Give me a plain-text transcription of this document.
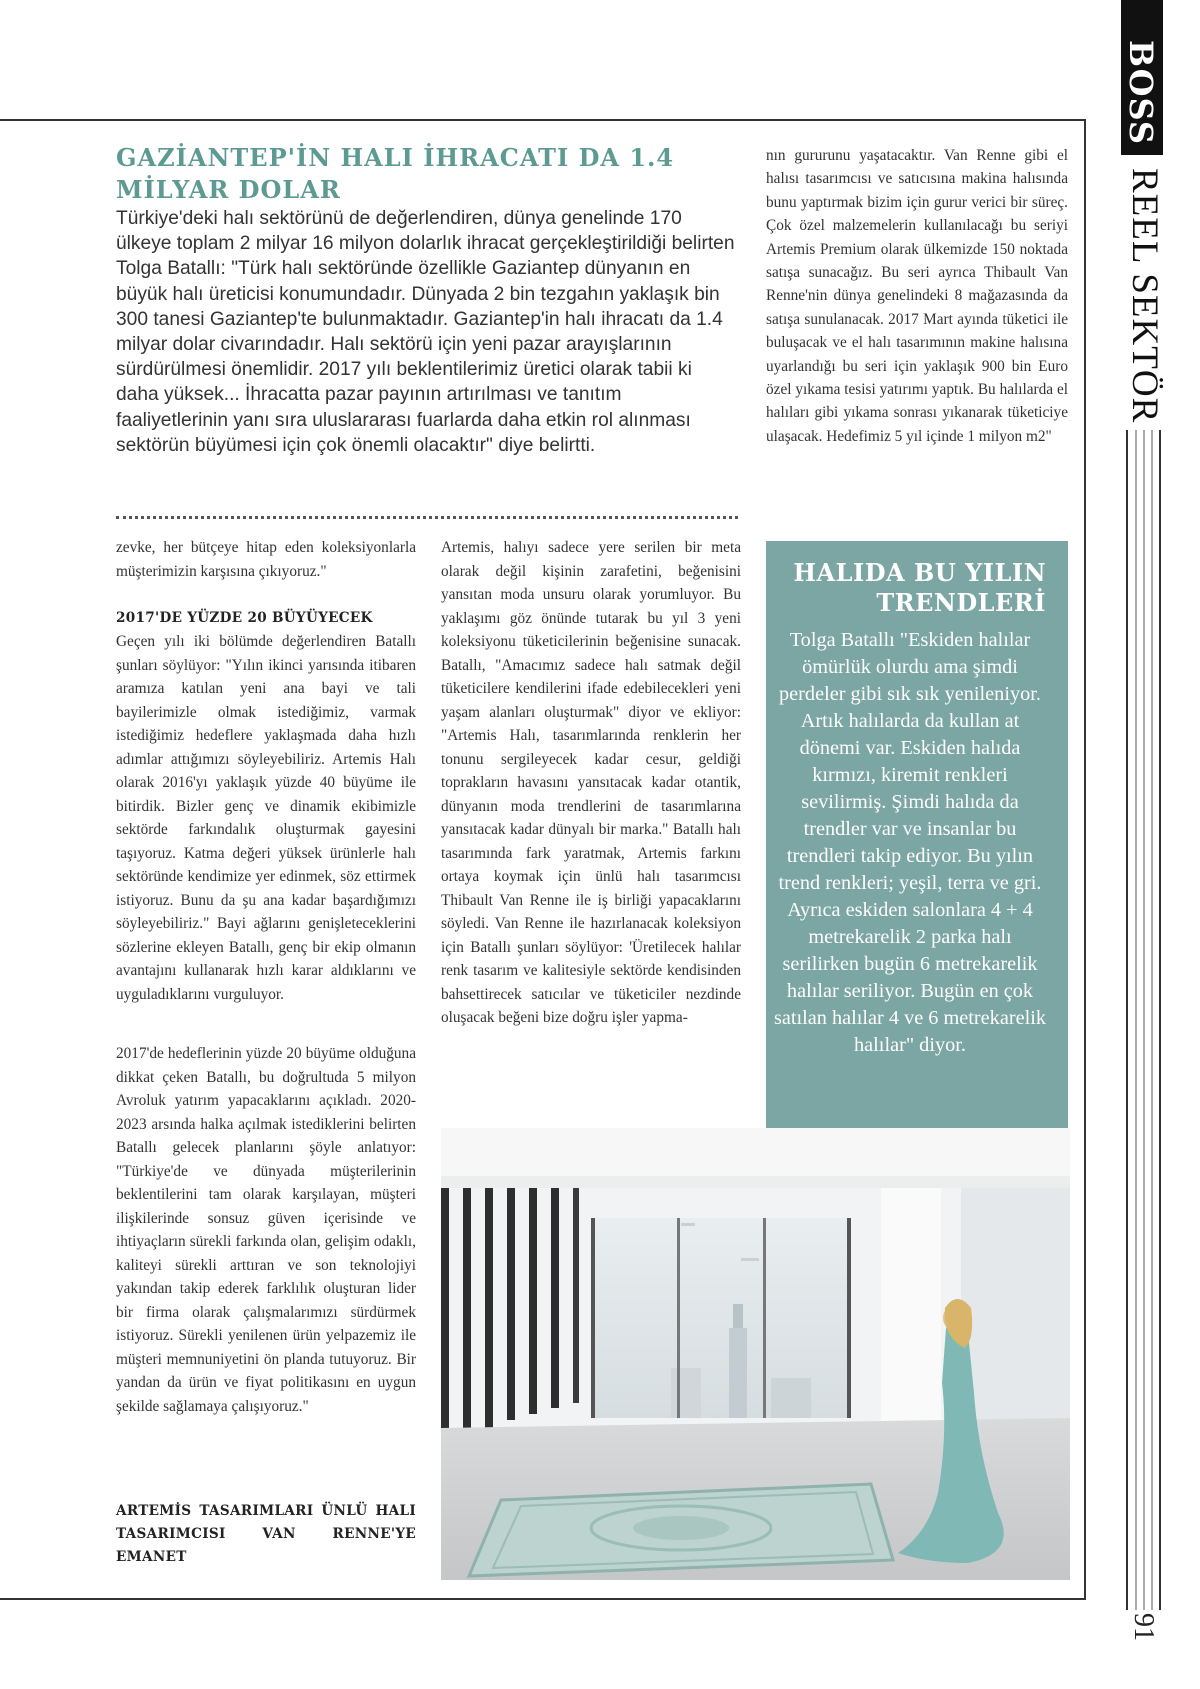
BOSS
REEL SEKTÖR
91
GAZİANTEP'İN HALI İHRACATI DA 1.4 MİLYAR DOLAR

Türkiye'deki halı sektörünü de değerlendiren, dünya genelinde 170 ülkeye toplam 2 milyar 16 milyon dolarlık ihracat gerçekleştirildiği belirten Tolga Batallı: "Türk halı sektöründe özellikle Gaziantep dünyanın en büyük halı üreticisi konumundadır. Dünyada 2 bin tezgahın yaklaşık bin 300 tanesi Gaziantep'te bulunmaktadır. Gaziantep'in halı ihracatı da 1.4 milyar dolar civarındadır. Halı sektörü için yeni pazar arayışlarının sürdürülmesi önemlidir. 2017 yılı beklentilerimiz üretici olarak tabii ki daha yüksek... İhracatta pazar payının artırılması ve tanıtım faaliyetlerinin yanı sıra uluslararası fuarlarda daha etkin rol alınması sektörün büyümesi için çok önemli olacaktır" diye belirtti.

nın gururunu yaşatacaktır. Van Renne gibi el halısı tasarımcısı ve satıcısına makina halısında bunu yaptırmak bizim için gurur verici bir süreç. Çok özel malzemelerin kullanılacağı bu seriyi Artemis Premium olarak ülkemizde 150 noktada satışa sunacağız. Bu seri ayrıca Thibault Van Renne'nin dünya genelindeki 8 mağazasında da satışa sunulanacak. 2017 Mart ayında tüketici ile buluşacak ve el halı tasarımının makine halısına uyarlandığı bu seri için yaklaşık 900 bin Euro özel yıkama tesisi yatırımı yaptık. Bu halılarda el halıları gibi yıkama sonrası yıkanarak tüketiciye ulaşacak. Hedefimiz 5 yıl içinde 1 milyon m2"

zevke, her bütçeye hitap eden koleksiyonlarla müşterimizin karşısına çıkıyoruz."

2017'DE YÜZDE 20 BÜYÜYECEK

Geçen yılı iki bölümde değerlendiren Batallı şunları söylüyor: "Yılın ikinci yarısında itibaren aramıza katılan yeni ana bayi ve tali bayilerimizle olmak istediğimiz, varmak istediğimiz hedeflere yaklaşmada daha hızlı adımlar attığımızı söyleyebiliriz. Artemis Halı olarak 2016'yı yaklaşık yüzde 40 büyüme ile bitirdik. Bizler genç ve dinamik ekibimizle sektörde farkındalık oluşturmak gayesini taşıyoruz. Katma değeri yüksek ürünlerle halı sektöründe kendimize yer edinmek, söz ettirmek istiyoruz. Bunu da şu ana kadar başardığımızı söyleyebiliriz." Bayi ağlarını genişleteceklerini sözlerine ekleyen Batallı, genç bir ekip olmanın avantajını kullanarak hızlı karar aldıklarını ve uyguladıklarını vurguluyor.

2017'de hedeflerinin yüzde 20 büyüme olduğuna dikkat çeken Batallı, bu doğrultuda 5 milyon Avroluk yatırım yapacaklarını açıkladı. 2020-2023 arsında halka açılmak istediklerini belirten Batallı gelecek planlarını şöyle anlatıyor: "Türkiye'de ve dünyada müşterilerinin beklentilerini tam olarak karşılayan, müşteri ilişkilerinde sonsuz güven içerisinde ve ihtiyaçların sürekli farkında olan, gelişim odaklı, kaliteyi sürekli arttıran ve son teknolojiyi yakından takip ederek farklılık oluşturan lider bir firma olarak çalışmalarımızı sürdürmek istiyoruz. Sürekli yenilenen ürün yelpazemiz ile müşteri memnuniyetini ön planda tutuyoruz. Bir yandan da ürün ve fiyat politikasını en uygun şekilde sağlamaya çalışıyoruz."

ARTEMİS TASARIMLARI ÜNLÜ HALI TASARIMCISI VAN RENNE'YE EMANET

Artemis, halıyı sadece yere serilen bir meta olarak değil kişinin zarafetini, beğenisini yansıtan moda unsuru olarak yorumluyor. Bu yaklaşımı göz önünde tutarak bu yıl 3 yeni koleksiyonu tüketicilerinin beğenisine sunacak. Batallı, "Amacımız sadece halı satmak değil tüketicilere kendilerini ifade edebilecekleri yeni yaşam alanları oluşturmak" diyor ve ekliyor: "Artemis Halı, tasarımlarında renklerin her tonunu sergileyecek kadar cesur, geldiği toprakların havasını yansıtacak kadar otantik, dünyanın moda trendlerini de tasarımlarına yansıtacak kadar dünyalı bir marka." Batallı halı tasarımında fark yaratmak, Artemis farkını ortaya koymak için ünlü halı tasarımcısı Thibault Van Renne ile iş birliği yapacaklarını söyledi. Van Renne ile hazırlanacak koleksiyon için Batallı şunları söylüyor: 'Üretilecek halılar renk tasarım ve kalitesiyle sektörde kendisinden bahsettirecek satıcılar ve tüketiciler nezdinde oluşacak beğeni bize doğru işler yapma-

HALIDA BU YILIN TRENDLERİ

Tolga Batallı "Eskiden halılar ömürlük olurdu ama şimdi perdeler gibi sık sık yenileniyor. Artık halılarda da kullan at dönemi var. Eskiden halıda kırmızı, kiremit renkleri sevilirmiş. Şimdi halıda da trendler var ve insanlar bu trendleri takip ediyor. Bu yılın trend renkleri; yeşil, terra ve gri. Ayrıca eskiden salonlara 4 + 4 metrekarelik 2 parka halı serilirken bugün 6 metrekarelik halılar seriliyor. Bugün en çok satılan halılar 4 ve 6 metrekarelik halılar" diyor.
